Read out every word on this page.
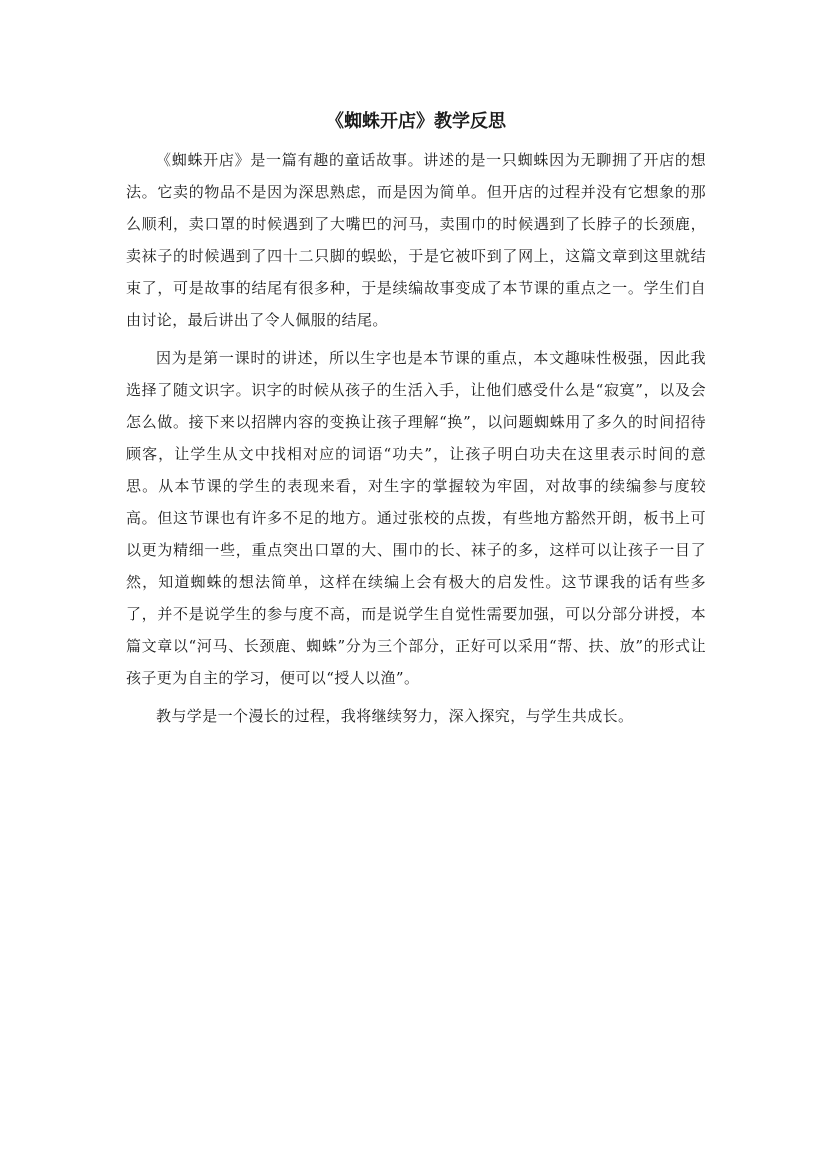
《蜘蛛开店》教学反思

《蜘蛛开店》是一篇有趣的童话故事。讲述的是一只蜘蛛因为无聊拥了开店的想法。它卖的物品不是因为深思熟虑，而是因为简单。但开店的过程并没有它想象的那么顺利，卖口罩的时候遇到了大嘴巴的河马，卖围巾的时候遇到了长脖子的长颈鹿，卖袜子的时候遇到了四十二只脚的蜈蚣，于是它被吓到了网上，这篇文章到这里就结束了，可是故事的结尾有很多种，于是续编故事变成了本节课的重点之一。学生们自由讨论，最后讲出了令人佩服的结尾。

因为是第一课时的讲述，所以生字也是本节课的重点，本文趣味性极强，因此我选择了随文识字。识字的时候从孩子的生活入手，让他们感受什么是“寂寞”，以及会怎么做。接下来以招牌内容的变换让孩子理解“换”，以问题蜘蛛用了多久的时间招待顾客，让学生从文中找相对应的词语“功夫”，让孩子明白功夫在这里表示时间的意思。从本节课的学生的表现来看，对生字的掌握较为牢固，对故事的续编参与度较高。但这节课也有许多不足的地方。通过张校的点拨，有些地方豁然开朗，板书上可以更为精细一些，重点突出口罩的大、围巾的长、袜子的多，这样可以让孩子一目了然，知道蜘蛛的想法简单，这样在续编上会有极大的启发性。这节课我的话有些多了，并不是说学生的参与度不高，而是说学生自觉性需要加强，可以分部分讲授，本篇文章以“河马、长颈鹿、蜘蛛”分为三个部分，正好可以采用“帮、扶、放”的形式让孩子更为自主的学习，便可以“授人以渔”。

教与学是一个漫长的过程，我将继续努力，深入探究，与学生共成长。
